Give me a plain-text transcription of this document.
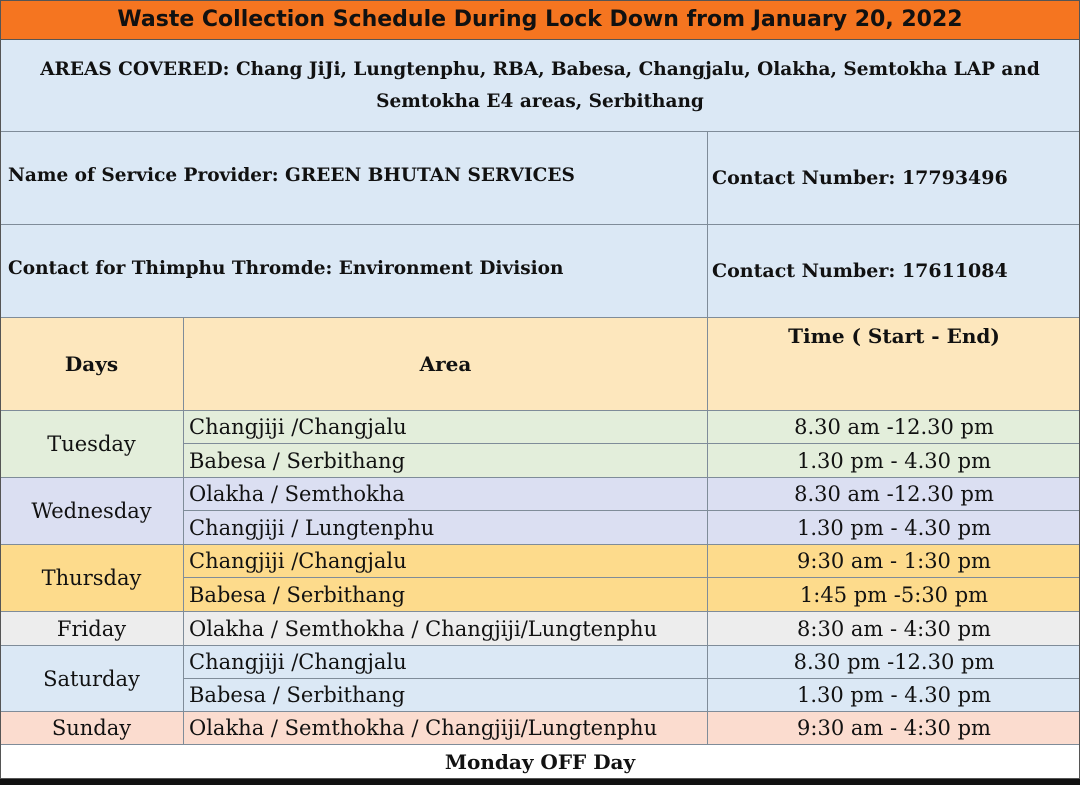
Waste Collection Schedule During Lock Down from January 20, 2022
AREAS COVERED: Chang JiJi, Lungtenphu, RBA, Babesa, Changjalu, Olakha, Semtokha LAP and Semtokha E4 areas, Serbithang
Name of Service Provider: GREEN BHUTAN SERVICES	Contact Number: 17793496
Contact for Thimphu Thromde: Environment Division	Contact Number: 17611084
Days	Area
Time ( Start - End)
Tuesday
Changjiji /Changjalu	8.30 am -12.30 pm
Babesa / Serbithang	1.30 pm - 4.30 pm
Wednesday
Olakha / Semthokha	8.30 am -12.30 pm
Changjiji / Lungtenphu	1.30 pm - 4.30 pm
Thursday
Changjiji /Changjalu	9:30 am - 1:30 pm
Babesa / Serbithang	1:45 pm -5:30 pm
Friday	Olakha / Semthokha / Changjiji/Lungtenphu	8:30 am - 4:30 pm
Saturday
Changjiji /Changjalu	8.30 pm -12.30 pm
Babesa / Serbithang	1.30 pm - 4.30 pm
Sunday	Olakha / Semthokha / Changjiji/Lungtenphu	9:30 am - 4:30 pm
Monday OFF Day
